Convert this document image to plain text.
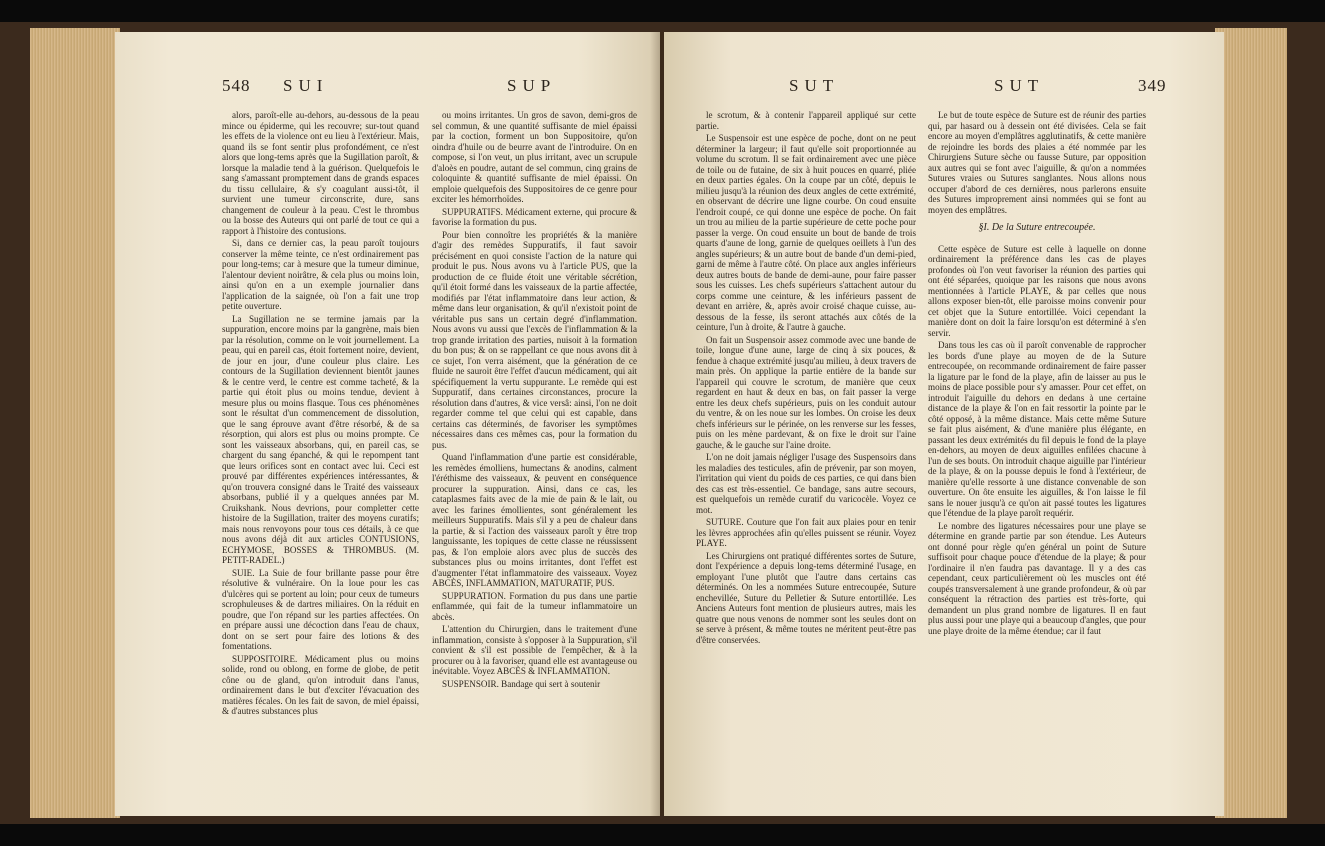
548 SUI	SUP

alors, paroît-elle au-dehors, au-dessous de la peau mince ou épiderme, qui les recouvre; sur-tout quand les effets de la violence ont eu lieu à l'extérieur. Mais, quand ils se font sentir plus profondément, ce n'est alors que long-tems après que la Sugillation paroît, & lorsque la maladie tend à la guérison. Quelquefois le sang s'amassant promptement dans de grands espaces du tissu cellulaire, & s'y coagulant aussi-tôt, il survient une tumeur circonscrite, dure, sans changement de couleur à la peau. C'est le thrombus ou la bosse des Auteurs qui ont parlé de tout ce qui a rapport à l'histoire des contusions.

Si, dans ce dernier cas, la peau paroît toujours conserver la même teinte, ce n'est ordinairement pas pour long-tems; car à mesure que la tumeur diminue, l'alentour devient noirâtre, & cela plus ou moins loin, ainsi qu'on en a un exemple journalier dans l'application de la saignée, où l'on a fait une trop petite ouverture.

La Sugillation ne se termine jamais par la suppuration, encore moins par la gangrène, mais bien par la résolution, comme on le voit journellement. La peau, qui en pareil cas, étoit fortement noire, devient, de jour en jour, d'une couleur plus claire. Les contours de la Sugillation deviennent bientôt jaunes & le centre verd, le centre est comme tacheté, & la partie qui étoit plus ou moins tendue, devient à mesure plus ou moins flasque. Tous ces phénomènes sont le résultat d'un commencement de dissolution, que le sang éprouve avant d'être résorbé, & de sa résorption, qui alors est plus ou moins prompte. Ce sont les vaisseaux absorbans, qui, en pareil cas, se chargent du sang épanché, & qui le repompent tant que leurs orifices sont en contact avec lui. Ceci est prouvé par différentes expériences intéressantes, & qu'on trouvera consigné dans le Traité des vaisseaux absorbans, publié il y a quelques années par M. Cruikshank. Nous devrions, pour completter cette histoire de la Sugillation, traiter des moyens curatifs; mais nous renvoyons pour tous ces détails, à ce que nous avons déjà dit aux articles CONTUSIONS, ECHYMOSE, BOSSES & THROMBUS. (M. PETIT-RADEL.)

SUIE. La Suie de four brillante passe pour être résolutive & vulnéraire. On la loue pour les cas d'ulcères qui se portent au loin; pour ceux de tumeurs scrophuleuses & de dartres miliaires. On la réduit en poudre, que l'on répand sur les parties affectées. On en prépare aussi une décoction dans l'eau de chaux, dont on se sert pour faire des lotions & des fomentations.

SUPPOSITOIRE. Médicament plus ou moins solide, rond ou oblong, en forme de globe, de petit cône ou de gland, qu'on introduit dans l'anus, ordinairement dans le but d'exciter l'évacuation des matières fécales. On les fait de savon, de miel épaissi, & d'autres substances plus

ou moins irritantes. Un gros de savon, demi-gros de sel commun, & une quantité suffisante de miel épaissi par la coction, forment un bon Suppositoire, qu'on oindra d'huile ou de beurre avant de l'introduire. On en compose, si l'on veut, un plus irritant, avec un scrupule d'aloès en poudre, autant de sel commun, cinq grains de coloquinte & quantité suffisante de miel épaissi. On emploie quelquefois des Suppositoires de ce genre pour exciter les hémorrhoïdes.

SUPPURATIFS. Médicament externe, qui procure & favorise la formation du pus.

Pour bien connoître les propriétés & la manière d'agir des remèdes Suppuratifs, il faut savoir précisément en quoi consiste l'action de la nature qui produit le pus. Nous avons vu à l'article PUS, que la production de ce fluide étoit une véritable sécrétion, qu'il étoit formé dans les vaisseaux de la partie affectée, modifiés par l'état inflammatoire dans leur action, & même dans leur organisation, & qu'il n'existoit point de véritable pus sans un certain degré d'inflammation. Nous avons vu aussi que l'excès de l'inflammation & la trop grande irritation des parties, nuisoit à la formation du bon pus; & on se rappellant ce que nous avons dit à ce sujet, l'on verra aisément, que la génération de ce fluide ne sauroit être l'effet d'aucun médicament, qui ait spécifiquement la vertu suppurante. Le remède qui est Suppuratif, dans certaines circonstances, procure la résolution dans d'autres, & vice versâ: ainsi, l'on ne doit regarder comme tel que celui qui est capable, dans certains cas déterminés, de favoriser les symptômes nécessaires dans ces mêmes cas, pour la formation du pus.

Quand l'inflammation d'une partie est considérable, les remèdes émolliens, humectans & anodins, calment l'éréthisme des vaisseaux, & peuvent en conséquence procurer la suppuration. Ainsi, dans ce cas, les cataplasmes faits avec de la mie de pain & le lait, ou avec les farines émollientes, sont généralement les meilleurs Suppuratifs. Mais s'il y a peu de chaleur dans la partie, & si l'action des vaisseaux paroît y être trop languissante, les topiques de cette classe ne réussissent pas, & l'on emploie alors avec plus de succès des substances plus ou moins irritantes, dont l'effet est d'augmenter l'état inflammatoire des vaisseaux. Voyez ABCÈS, INFLAMMATION, MATURATIF, PUS.

SUPPURATION. Formation du pus dans une partie enflammée, qui fait de la tumeur inflammatoire un abcès.

L'attention du Chirurgien, dans le traitement d'une inflammation, consiste à s'opposer à la Suppuration, s'il convient & s'il est possible de l'empêcher, & à la procurer ou à la favoriser, quand elle est avantageuse ou inévitable. Voyez ABCÈS & INFLAMMATION.

SUSPENSOIR. Bandage qui sert à soutenir

SUT	SUT	349

le scrotum, & à contenir l'appareil appliqué sur cette partie.

Le Suspensoir est une espèce de poche, dont on ne peut déterminer la largeur; il faut qu'elle soit proportionnée au volume du scrotum. Il se fait ordinairement avec une pièce de toile ou de futaine, de six à huit pouces en quarré, pliée en deux parties égales. On la coupe par un côté, depuis le milieu jusqu'à la réunion des deux angles de cette extrémité, en observant de décrire une ligne courbe. On coud ensuite l'endroit coupé, ce qui donne une espèce de poche. On fait un trou au milieu de la partie supérieure de cette poche pour passer la verge. On coud ensuite un bout de bande de trois quarts d'aune de long, garnie de quelques oeillets à l'un des angles supérieurs; & un autre bout de bande d'un demi-pied, garni de même à l'autre côté. On place aux angles inférieurs deux autres bouts de bande de demi-aune, pour faire passer sous les cuisses. Les chefs supérieurs s'attachent autour du corps comme une ceinture, & les inférieurs passent de devant en arrière, &, après avoir croisé chaque cuisse, au-dessous de la fesse, ils seront attachés aux côtés de la ceinture, l'un à droite, & l'autre à gauche.

On fait un Suspensoir assez commode avec une bande de toile, longue d'une aune, large de cinq à six pouces, & fendue à chaque extrémité jusqu'au milieu, à deux travers de main près. On applique la partie entière de la bande sur l'appareil qui couvre le scrotum, de manière que ceux regardent en haut & deux en bas, on fait passer la verge entre les deux chefs supérieurs, puis on les conduit autour du ventre, & on les noue sur les lombes. On croise les deux chefs inférieurs sur le périnée, on les renverse sur les fesses, puis on les mène pardevant, & on fixe le droit sur l'aine gauche, & le gauche sur l'aine droite.

L'on ne doit jamais négliger l'usage des Suspensoirs dans les maladies des testicules, afin de prévenir, par son moyen, l'irritation qui vient du poids de ces parties, ce qui dans bien des cas est très-essentiel. Ce bandage, sans autre secours, est quelquefois un remède curatif du varicocèle. Voyez ce mot.

SUTURE. Couture que l'on fait aux plaies pour en tenir les lèvres approchées afin qu'elles puissent se réunir. Voyez PLAYE.

Les Chirurgiens ont pratiqué différentes sortes de Suture, dont l'expérience a depuis long-tems déterminé l'usage, en employant l'une plutôt que l'autre dans certains cas déterminés. On les a nommées Suture entrecoupée, Suture enchevillée, Suture du Pelletier & Suture entortillée. Les Anciens Auteurs font mention de plusieurs autres, mais les quatre que nous venons de nommer sont les seules dont on se serve à présent, & même toutes ne méritent peut-être pas d'être conservées.

Le but de toute espèce de Suture est de réunir des parties qui, par hasard ou à dessein ont été divisées. Cela se fait encore au moyen d'emplâtres agglutinatifs, & cette manière de rejoindre les bords des plaies a été nommée par les Chirurgiens Suture sèche ou fausse Suture, par opposition aux autres qui se font avec l'aiguille, & qu'on a nommées Sutures vraies ou Sutures sanglantes. Nous allons nous occuper d'abord de ces dernières, nous parlerons ensuite des Sutures improprement ainsi nommées qui se font au moyen des emplâtres.

§I. De la Suture entrecoupée.

Cette espèce de Suture est celle à laquelle on donne ordinairement la préférence dans les cas de playes profondes où l'on veut favoriser la réunion des parties qui ont été séparées, quoique par les raisons que nous avons mentionnées à l'article PLAYE, & par celles que nous allons exposer bien-tôt, elle paroisse moins convenir pour cet objet que la Suture entortillée. Voici cependant la manière dont on doit la faire lorsqu'on est déterminé à s'en servir.

Dans tous les cas où il paroît convenable de rapprocher les bords d'une playe au moyen de de la Suture entrecoupée, on recommande ordinairement de faire passer la ligature par le fond de la playe, afin de laisser au pus le moins de place possible pour s'y amasser. Pour cet effet, on introduit l'aiguille du dehors en dedans à une certaine distance de la playe & l'on en fait ressortir la pointe par le côté opposé, à la même distance. Mais cette même Suture se fait plus aisément, & d'une manière plus élégante, en passant les deux extrémités du fil depuis le fond de la playe en-dehors, au moyen de deux aiguilles enfilées chacune à l'un de ses bouts. On introduit chaque aiguille par l'intérieur de la playe, & on la pousse depuis le fond à l'extérieur, de manière qu'elle ressorte à une distance convenable de son ouverture. On ôte ensuite les aiguilles, & l'on laisse le fil sans le nouer jusqu'à ce qu'on ait passé toutes les ligatures que l'étendue de la playe paroît requérir.

Le nombre des ligatures nécessaires pour une playe se détermine en grande partie par son étendue. Les Auteurs ont donné pour règle qu'en général un point de Suture suffisoit pour chaque pouce d'étendue de la playe; & pour l'ordinaire il n'en faudra pas davantage. Il y a des cas cependant, ceux particulièrement où les muscles ont été coupés transversalement à une grande profondeur, & où par conséquent la rétraction des parties est très-forte, qui demandent un plus grand nombre de ligatures. Il en faut plus aussi pour une playe qui a beaucoup d'angles, que pour une playe droite de la même étendue; car il faut
